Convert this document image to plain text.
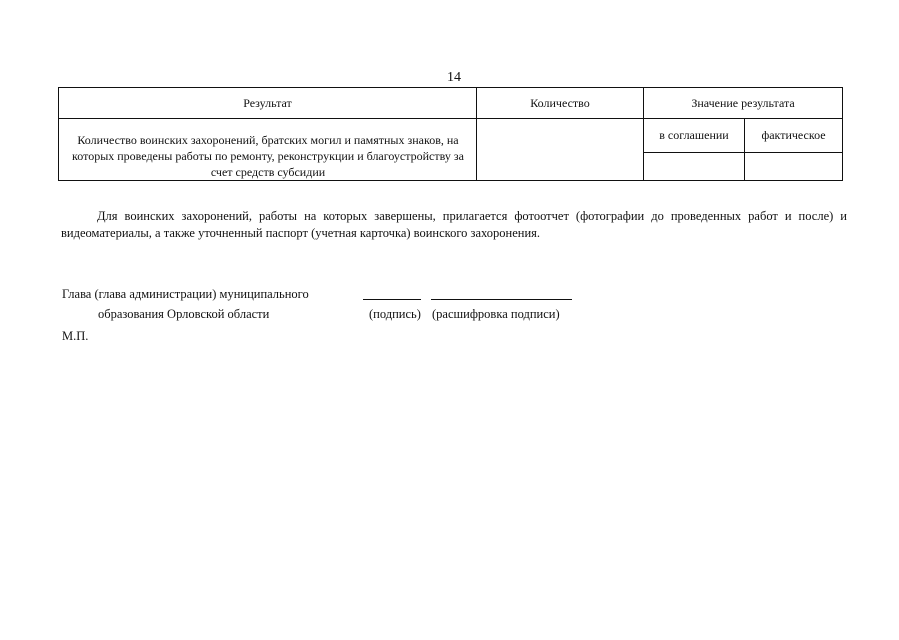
14
Результат	Количество	Значение результата	
Количество воинских захоронений, братских могил и памятных знаков, на которых проведены работы по ремонту, реконструкции и благоустройству за счет средств субсидии		в соглашении	фактическое

Для воинских захоронений, работы на которых завершены, прилагается фотоотчет (фотографии до проведенных работ и после) и видеоматериалы, а также уточненный паспорт (учетная карточка) воинского захоронения.
Глава (глава администрации) муниципального
образования Орловской области
М.П.
(подпись) (расшифровка подписи)
